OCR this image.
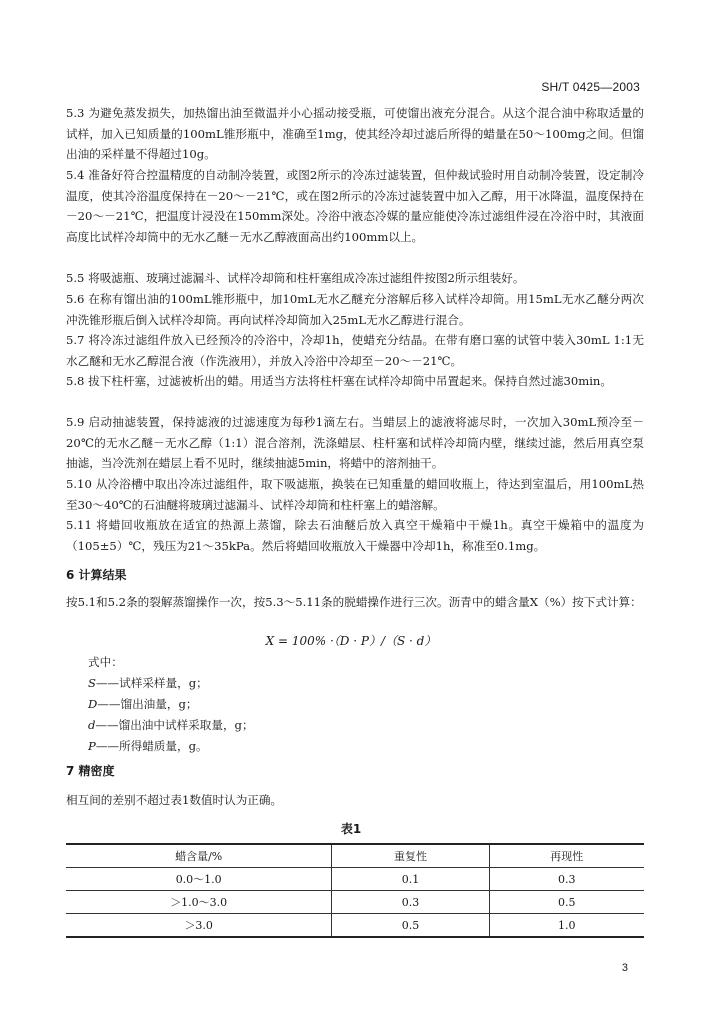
SH/T 0425—2003

5.3 为避免蒸发损失，加热馏出油至微温并小心摇动接受瓶，可使馏出液充分混合。从这个混合油中称取适量的试样，加入已知质量的100mL锥形瓶中，准确至1mg，使其经冷却过滤后所得的蜡量在50～100mg之间。但馏出油的采样量不得超过10g。

5.4 准备好符合控温精度的自动制冷装置，或图2所示的冷冻过滤装置，但仲裁试验时用自动制冷装置，设定制冷温度，使其冷浴温度保持在－20～－21℃，或在图2所示的冷冻过滤装置中加入乙醇，用干冰降温，温度保持在－20～－21℃，把温度计浸没在150mm深处。冷浴中液态冷媒的量应能使冷冻过滤组件浸在冷浴中时，其液面高度比试样冷却筒中的无水乙醚－无水乙醇液面高出约100mm以上。

5.5 将吸滤瓶、玻璃过滤漏斗、试样冷却筒和柱杆塞组成冷冻过滤组件按图2所示组装好。

5.6 在称有馏出油的100mL锥形瓶中，加10mL无水乙醚充分溶解后移入试样冷却筒。用15mL无水乙醚分两次冲洗锥形瓶后倒入试样冷却筒。再向试样冷却筒加入25mL无水乙醇进行混合。

5.7 将冷冻过滤组件放入已经预冷的冷浴中，冷却1h，使蜡充分结晶。在带有磨口塞的试管中装入30mL 1:1无水乙醚和无水乙醇混合液（作洗液用），并放入冷浴中冷却至－20～－21℃。

5.8 拔下柱杆塞，过滤被析出的蜡。用适当方法将柱杆塞在试样冷却筒中吊置起来。保持自然过滤30min。

5.9 启动抽滤装置，保持滤液的过滤速度为每秒1滴左右。当蜡层上的滤液将滤尽时，一次加入30mL预冷至－20℃的无水乙醚－无水乙醇（1:1）混合溶剂，洗涤蜡层、柱杆塞和试样冷却筒内壁，继续过滤，然后用真空泵抽滤，当冷洗剂在蜡层上看不见时，继续抽滤5min，将蜡中的溶剂抽干。

5.10 从冷浴槽中取出冷冻过滤组件，取下吸滤瓶，换装在已知重量的蜡回收瓶上，待达到室温后，用100mL热至30～40℃的石油醚将玻璃过滤漏斗、试样冷却筒和柱杆塞上的蜡溶解。

5.11 将蜡回收瓶放在适宜的热源上蒸馏，除去石油醚后放入真空干燥箱中干燥1h。真空干燥箱中的温度为（105±5）℃，残压为21～35kPa。然后将蜡回收瓶放入干燥器中冷却1h，称准至0.1mg。

6 计算结果

按5.1和5.2条的裂解蒸馏操作一次，按5.3～5.11条的脱蜡操作进行三次。沥青中的蜡含量X（%）按下式计算：

X = 100% ·（D · P）/（S · d）
式中：
S——试样采样量，g；
D——馏出油量，g；
d——馏出油中试样采取量，g；
P——所得蜡质量，g。
7 精密度

相互间的差别不超过表1数值时认为正确。

表1
蜡含量/%	重复性	再现性
0.0～1.0	0.1	0.3
＞1.0～3.0	0.3	0.5
＞3.0	0.5	1.0
3
